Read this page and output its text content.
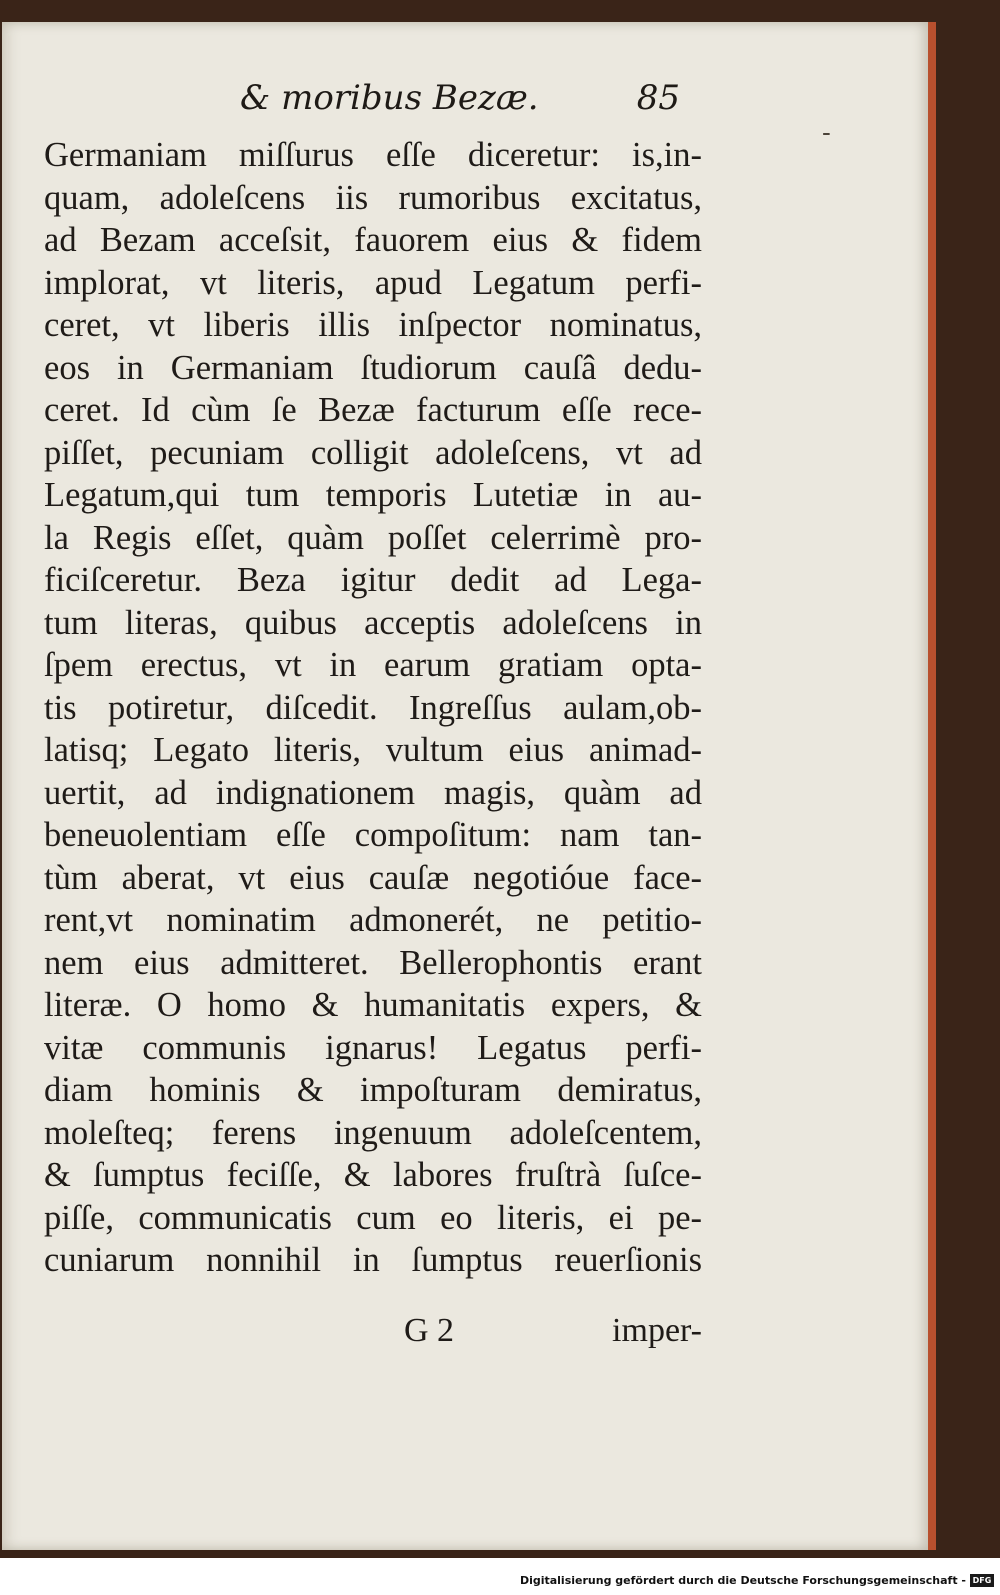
& moribus Bezæ.	85
-
Germaniam miſſurus eſſe diceretur: is,in-
quam, adoleſcens iis rumoribus excitatus,
ad Bezam acceſsit, fauorem eius & fidem
implorat, vt literis, apud Legatum perfi-
ceret, vt liberis illis inſpector nominatus,
eos in Germaniam ſtudiorum cauſâ dedu-
ceret. Id cùm ſe Bezæ facturum eſſe rece-
piſſet, pecuniam colligit adoleſcens, vt ad
Legatum,qui tum temporis Lutetiæ in au-
la Regis eſſet, quàm poſſet celerrimè pro-
ficiſceretur. Beza igitur dedit ad Lega-
tum literas, quibus acceptis adoleſcens in
ſpem erectus, vt in earum gratiam opta-
tis potiretur, diſcedit. Ingreſſus aulam,ob-
latisq; Legato literis, vultum eius animad-
uertit, ad indignationem magis, quàm ad
beneuolentiam eſſe compoſitum: nam tan-
tùm aberat, vt eius cauſæ negotióue face-
rent,vt nominatim admonerét, ne petitio-
nem eius admitteret. Bellerophontis erant
literæ. O homo & humanitatis expers, &
vitæ communis ignarus! Legatus perfi-
diam hominis & impoſturam demiratus,
moleſteq; ferens ingenuum adoleſcentem,
& ſumptus feciſſe, & labores fruſtrà ſuſce-
piſſe, communicatis cum eo literis, ei pe-
cuniarum nonnihil in ſumptus reuerſionis
G 2	imper-
Digitalisierung gefördert durch die Deutsche Forschungsgemeinschaft - DFG
